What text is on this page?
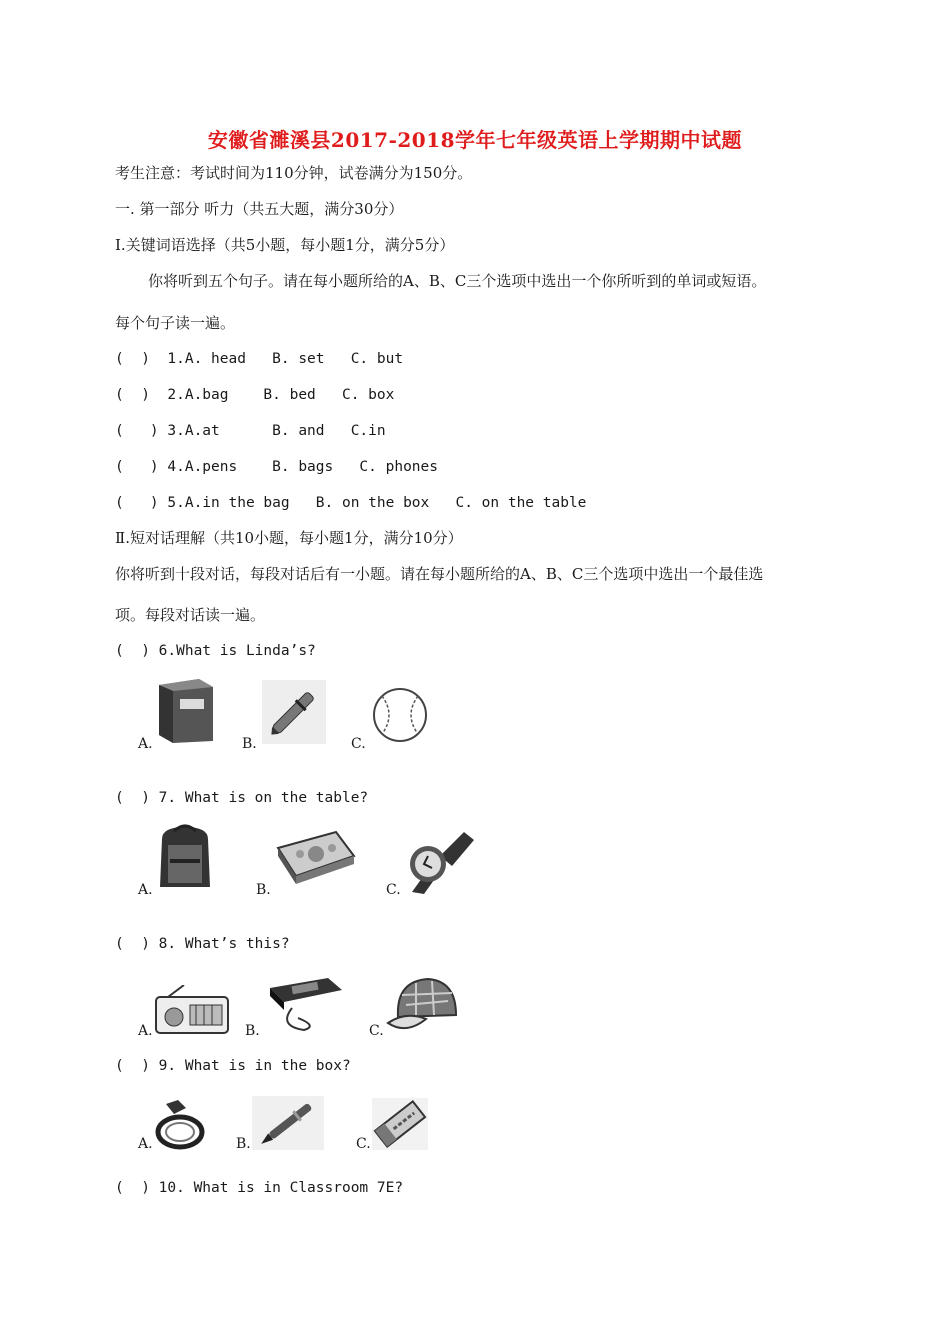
安徽省濉溪县2017-2018学年七年级英语上学期期中试题
考生注意：考试时间为110分钟，试卷满分为150分。
一. 第一部分 听力（共五大题，满分30分）
Ⅰ.关键词语选择（共5小题，每小题1分，满分5分）
你将听到五个句子。请在每小题所给的A、B、C三个选项中选出一个你所听到的单词或短语。
每个句子读一遍。
(  )  1.A. head   B. set   C. but
(  )  2.A.bag    B. bed   C. box
(   ) 3.A.at      B. and   C.in
(   ) 4.A.pens    B. bags   C. phones
(   ) 5.A.in the bag   B. on the box   C. on the table
Ⅱ.短对话理解（共10小题，每小题1分，满分10分）
你将听到十段对话，每段对话后有一小题。请在每小题所给的A、B、C三个选项中选出一个最佳选
项。每段对话读一遍。
(  ) 6.What is Linda’s?
A.	B.	C.
(  ) 7. What is on the table?
A.	B.	C.
(  ) 8. What’s this?
A.	B.	C.
(  ) 9. What is in the box?
A.	B.	C.
(  ) 10. What is in Classroom 7E?
